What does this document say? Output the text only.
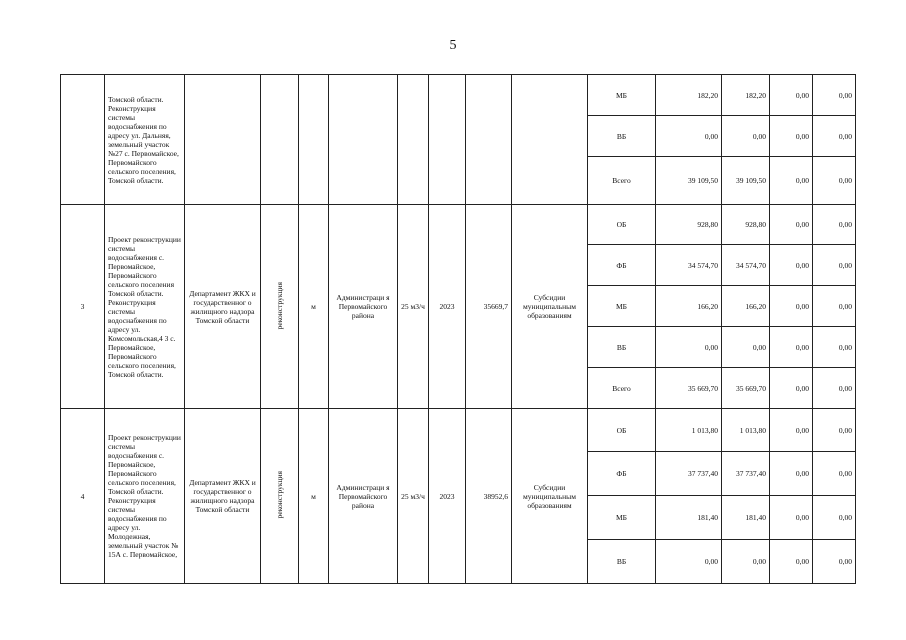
5
	Томской области. Реконструкция системы водоснабжения по адресу ул. Дальняя, земельный участок №27 с. Первомайское, Первомайского сельского поселения, Томской области.									МБ	182,20	182,20	0,00	0,00
										ВБ	0,00	0,00	0,00	0,00
										Всего	39 109,50	39 109,50	0,00	0,00
3	Проект реконструкции системы водоснабжения с. Первомайское, Первомайского сельского поселения Томской области. Реконструкция системы водоснабжения по адресу ул. Комсомольская,4 3 с. Первомайское, Первомайского сельского поселения, Томской области.	Департамент ЖКХ и государственног о жилищного надзора Томской области	реконструкция	м	Администраци я Первомайского района	25 м3/ч	2023	35669,7	Субсидии муниципальным образованиям	ОБ	928,80	928,80	0,00	0,00
										ФБ	34 574,70	34 574,70	0,00	0,00
										МБ	166,20	166,20	0,00	0,00
										ВБ	0,00	0,00	0,00	0,00
										Всего	35 669,70	35 669,70	0,00	0,00
4	Проект реконструкции системы водоснабжения с. Первомайское, Первомайского сельского поселения, Томской области. Реконструкция системы водоснабжения по адресу ул. Молодежная, земельный участок № 15А с. Первомайское,	Департамент ЖКХ и государственног о жилищного надзора Томской области	реконструкция	м	Администраци я Первомайского района	25 м3/ч	2023	38952,6	Субсидии муниципальным образованиям	ОБ	1 013,80	1 013,80	0,00	0,00
										ФБ	37 737,40	37 737,40	0,00	0,00
										МБ	181,40	181,40	0,00	0,00
										ВБ	0,00	0,00	0,00	0,00
